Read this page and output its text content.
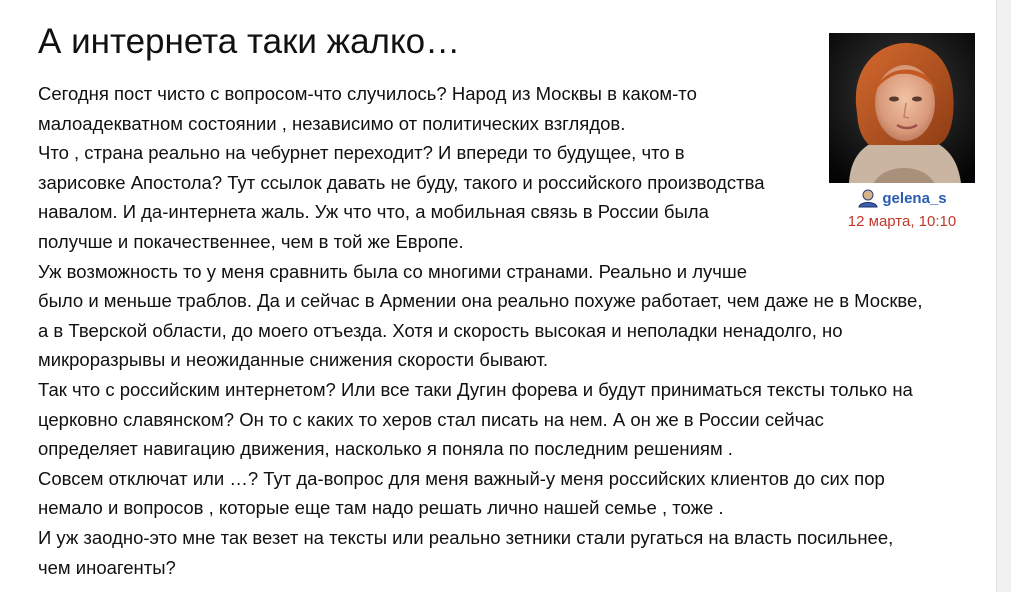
А интернета таки жалко…
gelena_s
12 марта, 10:10
Сегодня пост чисто с вопросом-что случилось? Народ из Москвы в каком-то
малоадекватном состоянии , независимо от политических взглядов.
Что , страна реально на чебурнет переходит? И впереди то будущее, что в
зарисовке Апостола? Тут ссылок давать не буду, такого и российского производства
навалом. И да-интернета жаль. Уж что что, а мобильная связь в России была
получше и покачественнее, чем в той же Европе.
Уж возможность то у меня сравнить была со многими странами. Реально и лучше
было и меньше траблов. Да и сейчас в Армении она реально похуже работает, чем даже не в Москве,
а в Тверской области, до моего отъезда. Хотя и скорость высокая и неполадки ненадолго, но
микроразрывы и неожиданные снижения скорости бывают.
Так что с российским интернетом? Или все таки Дугин форева и будут приниматься тексты только на
церковно славянском? Он то с каких то херов стал писать на нем. А он же в России сейчас
определяет навигацию движения, насколько я поняла по последним решениям .
Совсем отключат или …? Тут да-вопрос для меня важный-у меня российских клиентов до сих пор
немало и вопросов , которые еще там надо решать лично нашей семье , тоже .
И уж заодно-это мне так везет на тексты или реально зетники стали ругаться на власть посильнее,
чем иноагенты?
